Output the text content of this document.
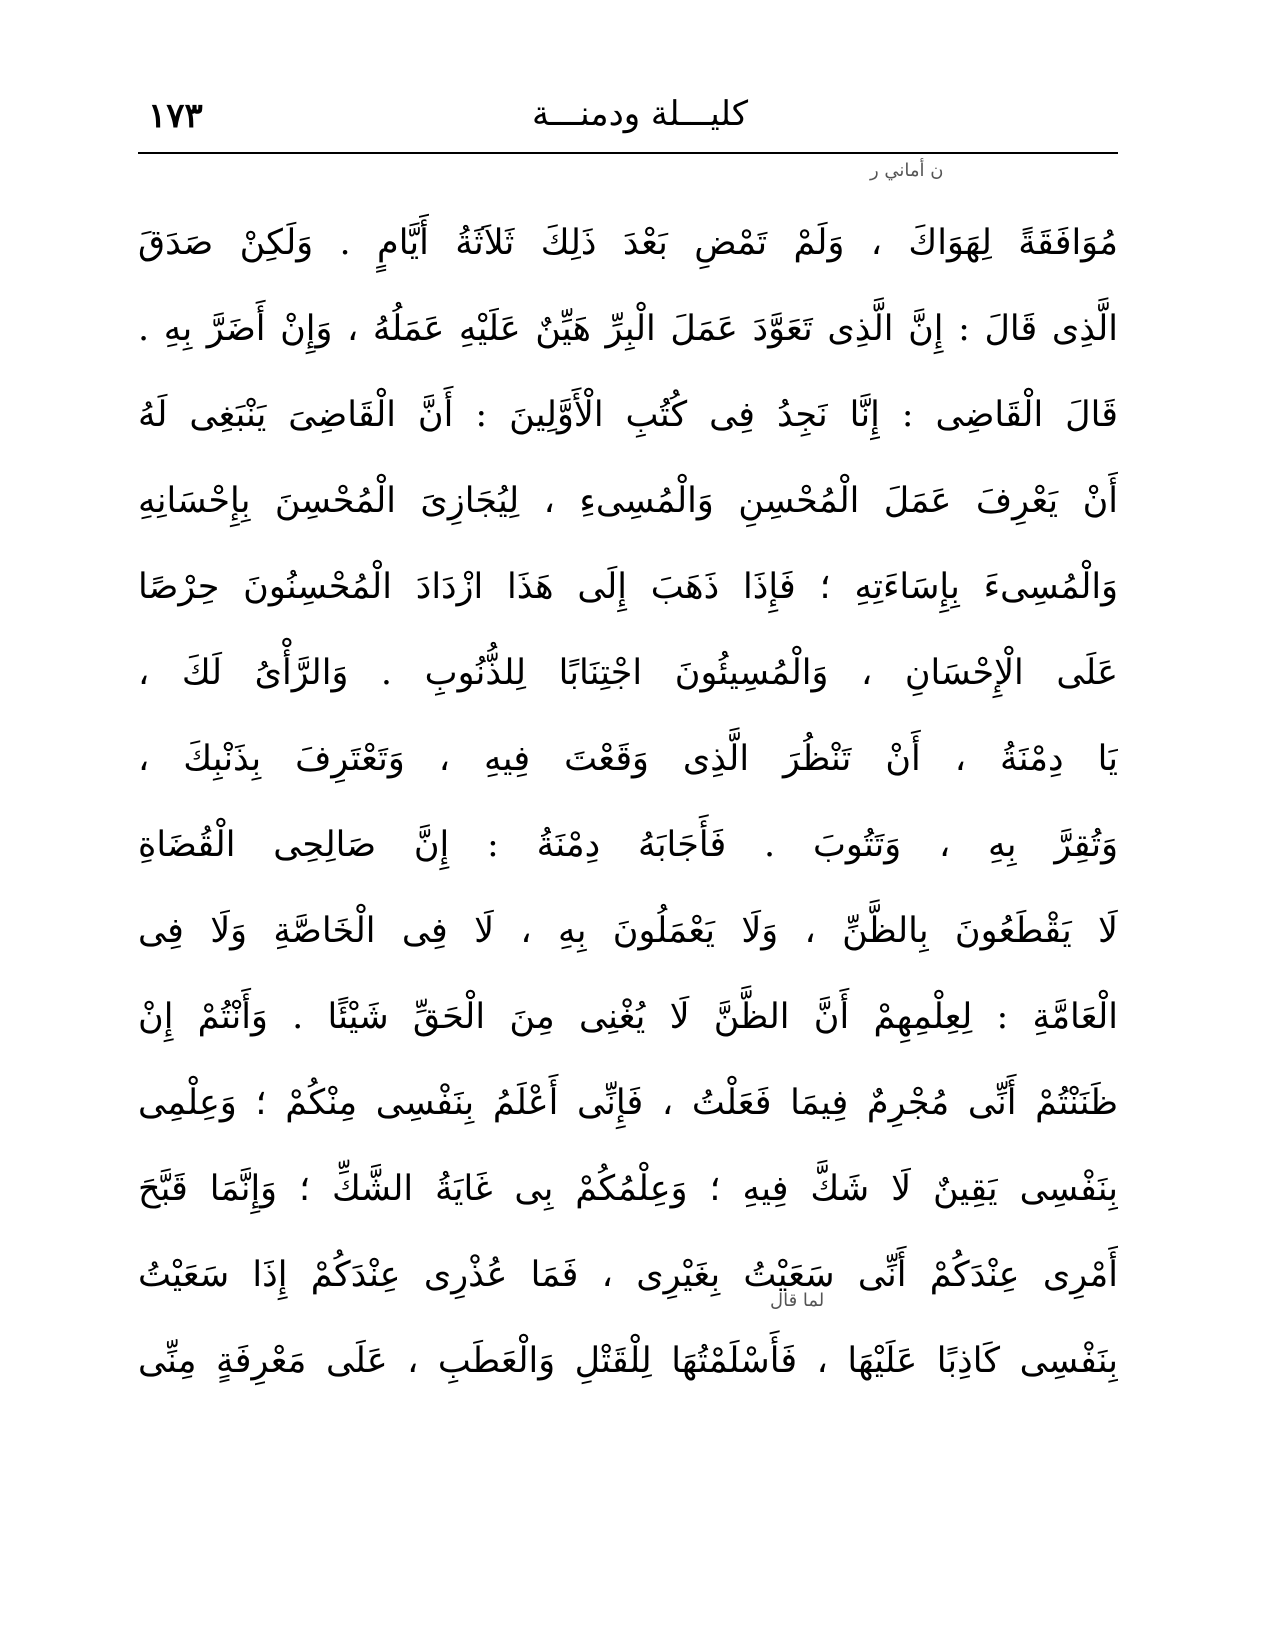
١٧٣	كليـــلة ودمنـــة
ن أماني ر
لما قال
مُوَافَقَةً لِهَوَاكَ ، وَلَمْ تَمْضِ بَعْدَ ذَلِكَ ثَلاَثَةُ أَيَّامٍ . وَلَكِنْ صَدَقَ
الَّذِى قَالَ : إِنَّ الَّذِى تَعَوَّدَ عَمَلَ الْبِرِّ هَيِّنٌ عَلَيْهِ عَمَلُهُ ، وَإِنْ أَضَرَّ بِهِ .
قَالَ الْقَاضِى : إِنَّا نَجِدُ فِى كُتُبِ الْأَوَّلِينَ : أَنَّ الْقَاضِىَ يَنْبَغِى لَهُ
أَنْ يَعْرِفَ عَمَلَ الْمُحْسِنِ وَالْمُسِىءِ ، لِيُجَازِىَ الْمُحْسِنَ بِإِحْسَانِهِ
وَالْمُسِىءَ بِإِسَاءَتِهِ ؛ فَإِذَا ذَهَبَ إِلَى هَذَا ازْدَادَ الْمُحْسِنُونَ حِرْصًا
عَلَى الْإِحْسَانِ ، وَالْمُسِيئُونَ اجْتِنَابًا لِلذُّنُوبِ . وَالرَّأْىُ لَكَ ،
يَا دِمْنَةُ ، أَنْ تَنْظُرَ الَّذِى وَقَعْتَ فِيهِ ، وَتَعْتَرِفَ بِذَنْبِكَ ،
وَتُقِرَّ بِهِ ، وَتَتُوبَ . فَأَجَابَهُ دِمْنَةُ : إِنَّ صَالِحِى الْقُضَاةِ
لَا يَقْطَعُونَ بِالظَّنِّ ، وَلَا يَعْمَلُونَ بِهِ ، لَا فِى الْخَاصَّةِ وَلَا فِى
الْعَامَّةِ : لِعِلْمِهِمْ أَنَّ الظَّنَّ لَا يُغْنِى مِنَ الْحَقِّ شَيْئًا . وَأَنْتُمْ إِنْ
ظَنَنْتُمْ أَنِّى مُجْرِمٌ فِيمَا فَعَلْتُ ، فَإِنِّى أَعْلَمُ بِنَفْسِى مِنْكُمْ ؛ وَعِلْمِى
بِنَفْسِى يَقِينٌ لَا شَكَّ فِيهِ ؛ وَعِلْمُكُمْ بِى غَايَةُ الشَّكِّ ؛ وَإِنَّمَا قَبَّحَ
أَمْرِى عِنْدَكُمْ أَنِّى سَعَيْتُ بِغَيْرِى ، فَمَا عُذْرِى عِنْدَكُمْ إِذَا سَعَيْتُ
بِنَفْسِى كَاذِبًا عَلَيْهَا ، فَأَسْلَمْتُهَا لِلْقَتْلِ وَالْعَطَبِ ، عَلَى مَعْرِفَةٍ مِنِّى
